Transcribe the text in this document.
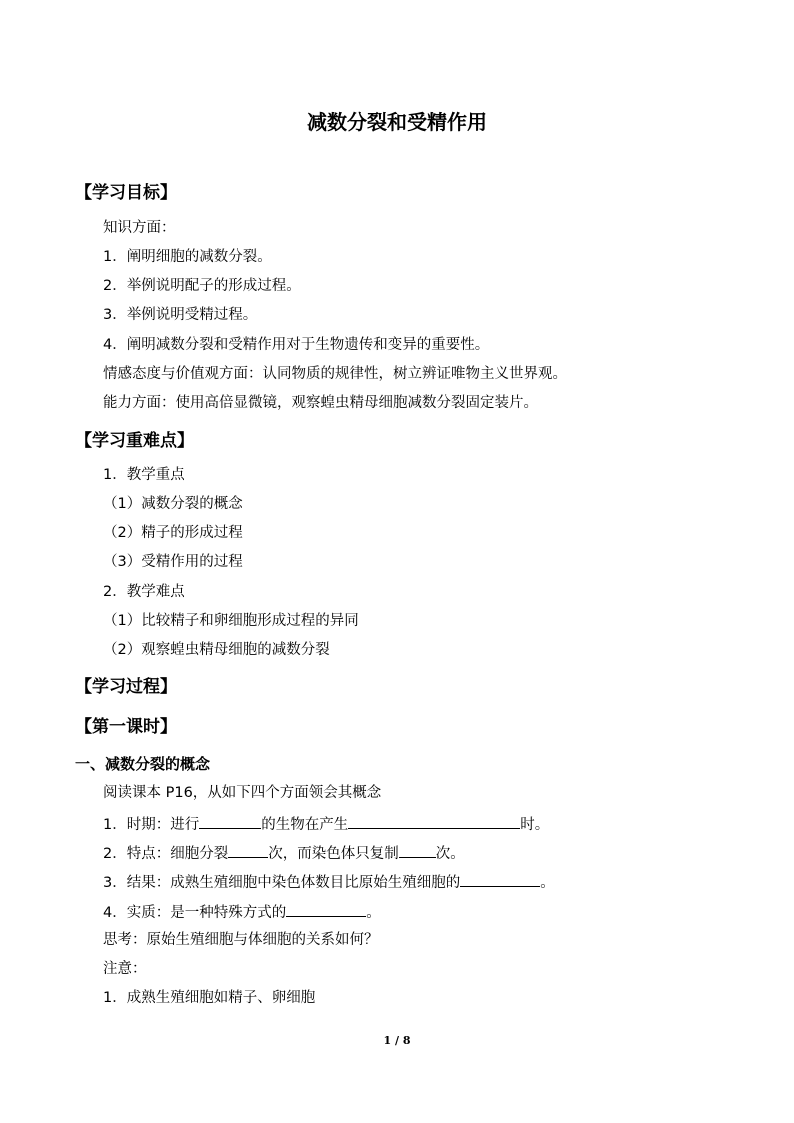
减数分裂和受精作用
【学习目标】
知识方面：
1．阐明细胞的减数分裂。
2．举例说明配子的形成过程。
3．举例说明受精过程。
4．阐明减数分裂和受精作用对于生物遗传和变异的重要性。
情感态度与价值观方面：认同物质的规律性，树立辨证唯物主义世界观。
能力方面：使用高倍显微镜，观察蝗虫精母细胞减数分裂固定装片。
【学习重难点】
1．教学重点
（1）减数分裂的概念
（2）精子的形成过程
（3）受精作用的过程
2．教学难点
（1）比较精子和卵细胞形成过程的异同
（2）观察蝗虫精母细胞的减数分裂
【学习过程】
【第一课时】
一、减数分裂的概念
阅读课本 P16，从如下四个方面领会其概念
1．时期：进行	的生物在产生	时。
2．特点：细胞分裂	次，而染色体只复制	次。
3．结果：成熟生殖细胞中染色体数目比原始生殖细胞的	。
4．实质：是一种特殊方式的	。
思考：原始生殖细胞与体细胞的关系如何？
注意：
1．成熟生殖细胞如精子、卵细胞
1 / 8
